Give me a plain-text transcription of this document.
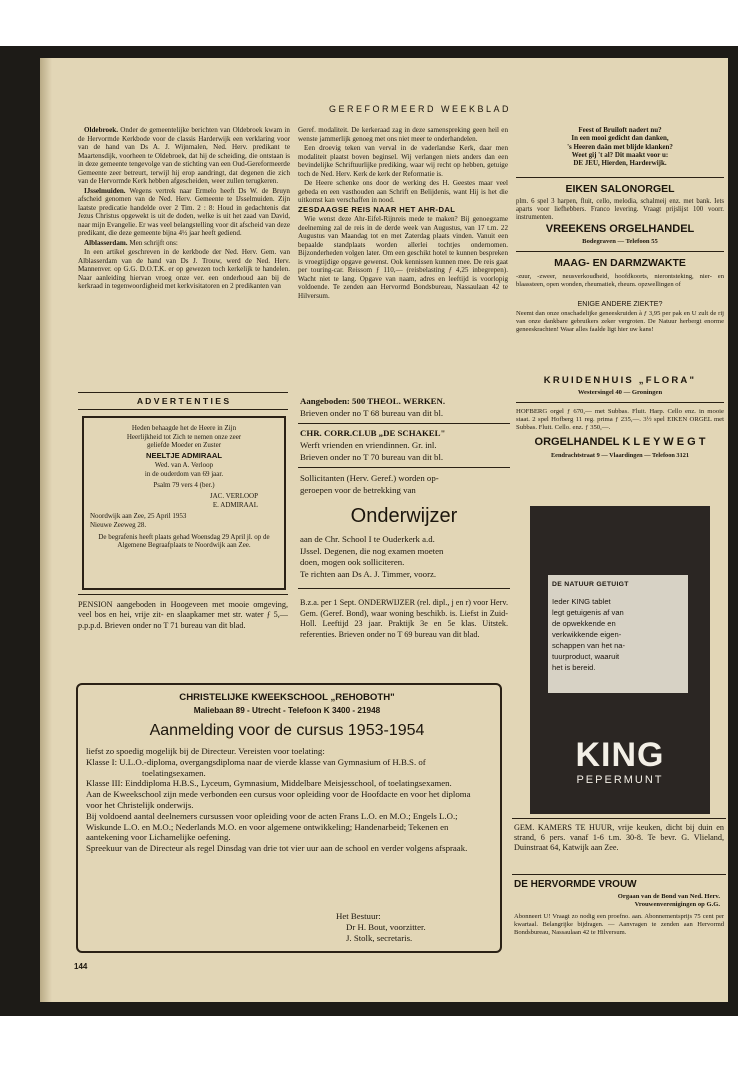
GEREFORMEERD WEEKBLAD

Oldebroek. Onder de gemeentelijke berichten van Oldebroek kwam in de Hervormde Kerkbode voor de classis Harderwijk een verklaring voor van de hand van Ds A. J. Wijnmalen, Ned. Herv. predikant te Maartensdijk, voorheen te Oldebroek, dat hij de scheiding, die ontstaan is in deze gemeente tengevolge van de stichting van een Oud-Gereformeerde Gemeente zeer betreurt, terwijl hij erop aandringt, dat degenen die zich van de Hervormde Kerk hebben afgescheiden, weer zullen terugkeren.

IJsselmuiden. Wegens vertrek naar Ermelo heeft Ds W. de Bruyn afscheid genomen van de Ned. Herv. Gemeente te IJsselmuiden. Zijn laatste predicatie handelde over 2 Tim. 2 : 8: Houd in gedachtenis dat Jezus Christus opgewekt is uit de doden, welke is uit het zaad van David, naar mijn Evangelie. Er was veel belangstelling voor dit afscheid van deze predikant, die deze gemeente bijna 4½ jaar heeft gediend.

Alblasserdam. Men schrijft ons:

In een artikel geschreven in de kerkbode der Ned. Herv. Gem. van Alblasserdam van de hand van Ds J. Trouw, werd de Ned. Herv. Mannenver. op G.G. D.O.T.K. er op gewezen toch kerkelijk te handelen. Naar aanleiding hiervan vroeg onze ver. een onderhoud aan bij de kerkraad in tegenwoordigheid met kerkvisitatoren en 2 predikanten van

Geref. modaliteit. De kerkeraad zag in deze samenspreking geen heil en wenste jammerlijk genoeg met ons niet meer te onderhandelen.

Een droevig teken van verval in de vaderlandse Kerk, daar men modaliteit plaatst boven beginsel. Wij verlangen niets anders dan een bevindelijke Schriftuurlijke prediking, waar wij recht op hebben, getuige toch de Ned. Herv. Kerk de kerk der Reformatie is.

De Heere schenke ons door de werking des H. Geestes maar veel gebeda en een vasthouden aan Schrift en Belijdenis, want Hij is het die uitkomst kan verschaffen in nood.

ZESDAAGSE REIS NAAR HET AHR-DAL

Wie wenst deze Ahr-Eifel-Rijnreis mede te maken? Bij genoegzame deelneming zal de reis in de derde week van Augustus, van 17 t.m. 22 Augustus van Maandag tot en met Zaterdag plaats vinden. Vanuit een bepaalde standplaats worden allerlei tochtjes ondernomen. Bijzonderheden volgen later. Om een geschikt hotel te kunnen bespreken is vroegtijdige opgave gewenst. Ook kennissen kunnen mee. De reis gaat per touring-car. Reissom ƒ 110,— (reisbelasting ƒ 4,25 inbegrepen). Wacht niet te lang. Opgave van naam, adres en leeftijd is voorlopig voldoende. Te zenden aan Hervormd Bondsbureau, Nassaulaan 42 te Hilversum.

Feest of Bruiloft nadert nu?
In een mooi gedicht dan danken,
's Heeren daân met blijde klanken?
Weet gij 't al? Dit maakt voor u:
DE JEU, Hierden, Harderwijk.
EIKEN SALONORGEL
plm. 6 spel 3 harpen, fluit, cello, melodia, schalmeij enz. met bank. Iets aparts voor liefhebbers. Franco levering. Vraagt prijslijst 100 voorr. instrumenten.
VREEKENS ORGELHANDEL
Bodegraven — Telefoon 55
MAAG- EN DARMZWAKTE
-zuur, -zweer, neusverkoudheid, hoofdkoorts, nierontsteking, nier- en blaassteen, open wonden, rheumatiek, rheum. opzwellingen of
ENIGE ANDERE ZIEKTE?
Neemt dan onze onschadelijke geneeskruiden à ƒ 3,95 per pak en U zult de rij van onze dankbare gebruikers zeker vergroten. De Natuur herbergt enorme geneeskrachten! Waar alles faalde ligt hier uw kans!
KRUIDENHUIS „FLORA"
Westersingel 40 — Groningen
HOFBERG orgel ƒ 670,— met Subbas. Fluit. Harp. Cello enz. in mooie staat. 2 spel Hofberg 11 reg. prima ƒ 235,—. 3½ spel EIKEN ORGEL met Subbas. Fluit. Cello. enz. ƒ 350,—.
ORGELHANDEL K L E Y W E G T
Eendrachtstraat 9 — Vlaardingen — Telefoon 3121
A D V E R T E N T I E S
Heden behaagde het de Heere in Zijn
Heerlijkheid tot Zich te nemen onze zeer
geliefde Moeder en Zuster
NEELTJE ADMIRAAL
Wed. van A. Verloop
in de ouderdom van 69 jaar.
Psalm 79 vers 4 (ber.)
JAC. VERLOOP
E. ADMIRAAL
Noordwijk aan Zee, 25 April 1953
Nieuwe Zeeweg 28.
De begrafenis heeft plaats gehad Woensdag 29 April jl. op de Algemene Begraafplaats te Noordwijk aan Zee.
PENSION aangeboden in Hoogeveen met mooie omgeving, veel bos en hei, vrije zit- en slaapkamer met str. water ƒ 5,— p.p.p.d. Brieven onder no T 71 bureau van dit blad.
Aangeboden: 500 THEOL. WERKEN.
Brieven onder no T 68 bureau van dit bl.
CHR. CORR.CLUB „DE SCHAKEL"
Werft vrienden en vriendinnen. Gr. inl.
Brieven onder no T 70 bureau van dit bl.
Sollicitanten (Herv. Geref.) worden op-
geroepen voor de betrekking van
Onderwijzer
aan de Chr. School I te Ouderkerk a.d.
IJssel. Degenen, die nog examen moeten
doen, mogen ook solliciteren.
Te richten aan Ds A. J. Timmer, voorz.
B.z.a. per 1 Sept. ONDERWIJZER (rel. dipl., j en r) voor Herv. Gem. (Geref. Bond), waar woning beschikb. is. Liefst in Zuid-Holl. Leeftijd 23 jaar. Praktijk 3e en 5e klas. Uitstek. referenties. Brieven onder no T 69 bureau van dit blad.
CHRISTELIJKE KWEEKSCHOOL „REHOBOTH"
Maliebaan 89 - Utrecht - Telefoon K 3400 - 21948
Aanmelding voor de cursus 1953-1954
liefst zo spoedig mogelijk bij de Directeur. Vereisten voor toelating:
Klasse I: U.L.O.-diploma, overgangsdiploma naar de vierde klasse van Gymnasium of H.B.S. of toelatingsexamen.
Klasse III: Einddiploma H.B.S., Lyceum, Gymnasium, Middelbare Meisjesschool, of toelatingsexamen.
Aan de Kweekschool zijn mede verbonden een cursus voor opleiding voor de Hoofdacte en voor het diploma voor het Christelijk onderwijs.
Bij voldoend aantal deelnemers cursussen voor opleiding voor de acten Frans L.O. en M.O.; Engels L.O.; Wiskunde L.O. en M.O.; Nederlands M.O. en voor algemene ontwikkeling; Handenarbeid; Tekenen en aantekening voor Lichamelijke oefening.
Spreekuur van de Directeur als regel Dinsdag van drie tot vier uur aan de school en verder volgens afspraak.
Het Bestuur:
Dr H. Bout, voorzitter.
J. Stolk, secretaris.
DE NATUUR GETUIGT
Ieder KING tablet
legt getuigenis af van
de opwekkende en
verkwikkende eigen-
schappen van het na-
tuurproduct, waaruit
het is bereid.
KING
PEPERMUNT
GEM. KAMERS TE HUUR, vrije keuken, dicht bij duin en strand, 6 pers. vanaf 1-6 t.m. 30-8. Te bevr. G. Vlieland, Duinstraat 64, Katwijk aan Zee.
DE HERVORMDE VROUW
Orgaan van de Bond van Ned. Herv.
Vrouwenverenigingen op G.G.
Abonneert U! Vraagt zo nodig een proefno. aan. Abonnementsprijs 75 cent per kwartaal. Belangrijke bijdragen. — Aanvragen te zenden aan Hervormd Bondsbureau, Nassaulaan 42 te Hilversum.
144
